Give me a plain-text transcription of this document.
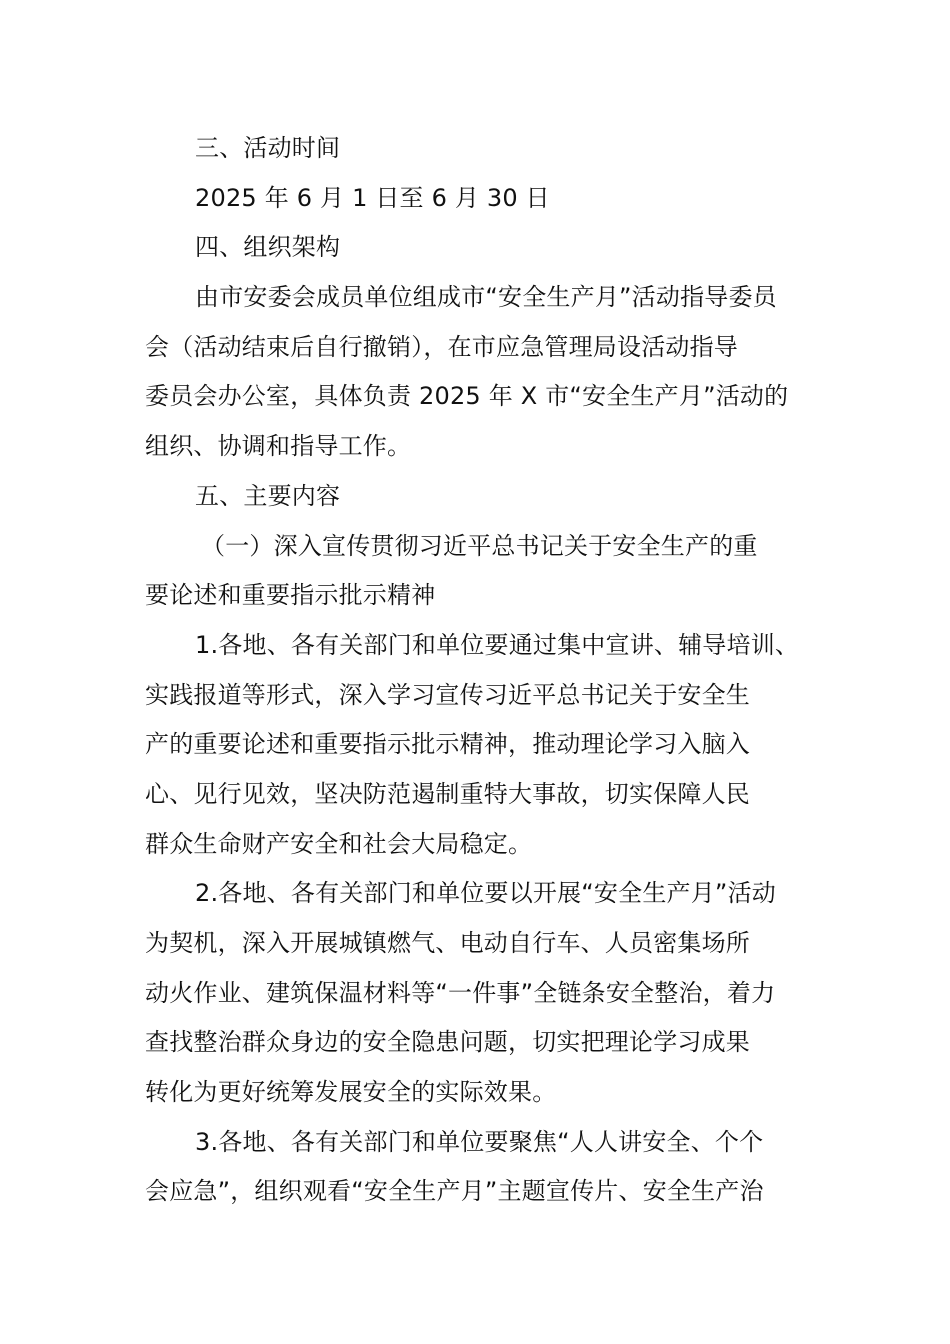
三、活动时间
2025 年 6 月 1 日至 6 月 30 日
四、组织架构
由市安委会成员单位组成市“安全生产月”活动指导委员
会（活动结束后自行撤销），在市应急管理局设活动指导
委员会办公室，具体负责 2025 年 X 市“安全生产月”活动的
组织、协调和指导工作。
五、主要内容
（一）深入宣传贯彻习近平总书记关于安全生产的重
要论述和重要指示批示精神
1.各地、各有关部门和单位要通过集中宣讲、辅导培训、
实践报道等形式，深入学习宣传习近平总书记关于安全生
产的重要论述和重要指示批示精神，推动理论学习入脑入
心、见行见效，坚决防范遏制重特大事故，切实保障人民
群众生命财产安全和社会大局稳定。
2.各地、各有关部门和单位要以开展“安全生产月”活动
为契机，深入开展城镇燃气、电动自行车、人员密集场所
动火作业、建筑保温材料等“一件事”全链条安全整治，着力
查找整治群众身边的安全隐患问题，切实把理论学习成果
转化为更好统筹发展安全的实际效果。
3.各地、各有关部门和单位要聚焦“人人讲安全、个个
会应急”，组织观看“安全生产月”主题宣传片、安全生产治
